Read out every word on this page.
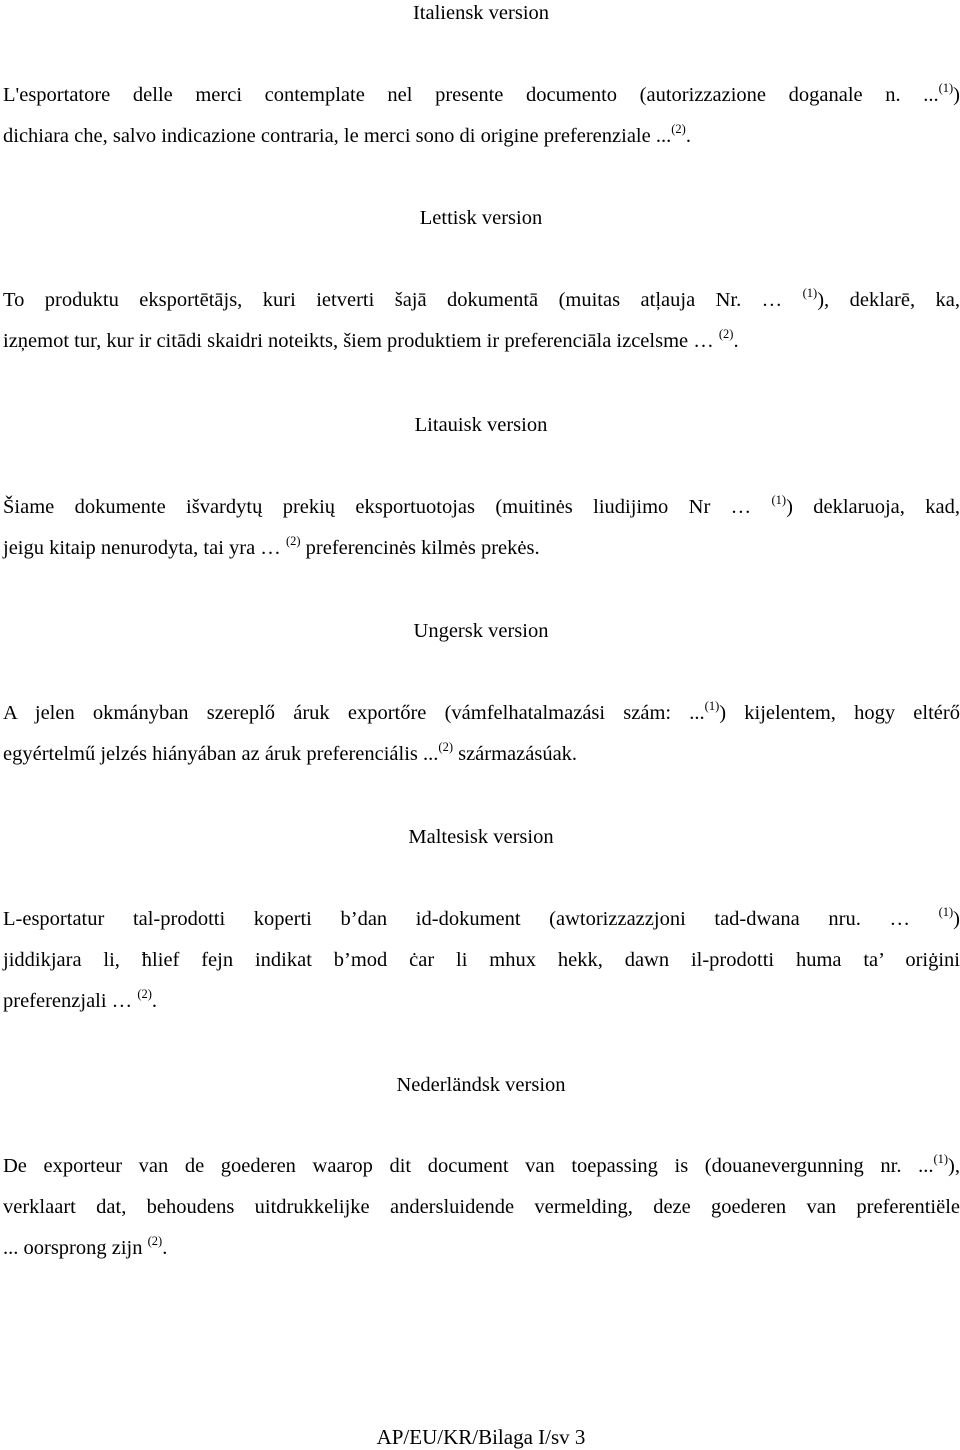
Italiensk version
L'esportatore delle merci contemplate nel presente documento (autorizzazione doganale n. ...$^{(1)}$)
dichiara che, salvo indicazione contraria, le merci sono di origine preferenziale ...$^{(2)}$.
Lettisk version
To produktu eksportētājs, kuri ietverti šajā dokumentā (muitas atļauja Nr. … $^{(1)}$), deklarē, ka,
izņemot tur, kur ir citādi skaidri noteikts, šiem produktiem ir preferenciāla izcelsme … $^{(2)}$.
Litauisk version
Šiame dokumente išvardytų prekių eksportuotojas (muitinės liudijimo Nr … $^{(1)}$) deklaruoja, kad,
jeigu kitaip nenurodyta, tai yra … $^{(2)}$ preferencinės kilmės prekės.
Ungersk version
A jelen okmányban szereplő áruk exportőre (vámfelhatalmazási szám: ...$^{(1)}$) kijelentem, hogy eltérő
egyértelmű jelzés hiányában az áruk preferenciális ...$^{(2)}$ származásúak.
Maltesisk version
L-esportatur tal-prodotti koperti b’dan id-dokument (awtorizzazzjoni tad-dwana nru. … $^{(1)}$)
jiddikjara li, ħlief fejn indikat b’mod ċar li mhux hekk, dawn il-prodotti huma ta’ oriġini
preferenzjali … $^{(2)}$.
Nederländsk version
De exporteur van de goederen waarop dit document van toepassing is (douanevergunning nr. ...$^{(1)}$),
verklaart dat, behoudens uitdrukkelijke andersluidende vermelding, deze goederen van preferentiële
... oorsprong zijn $^{(2)}$.
AP/EU/KR/Bilaga I/sv 3
